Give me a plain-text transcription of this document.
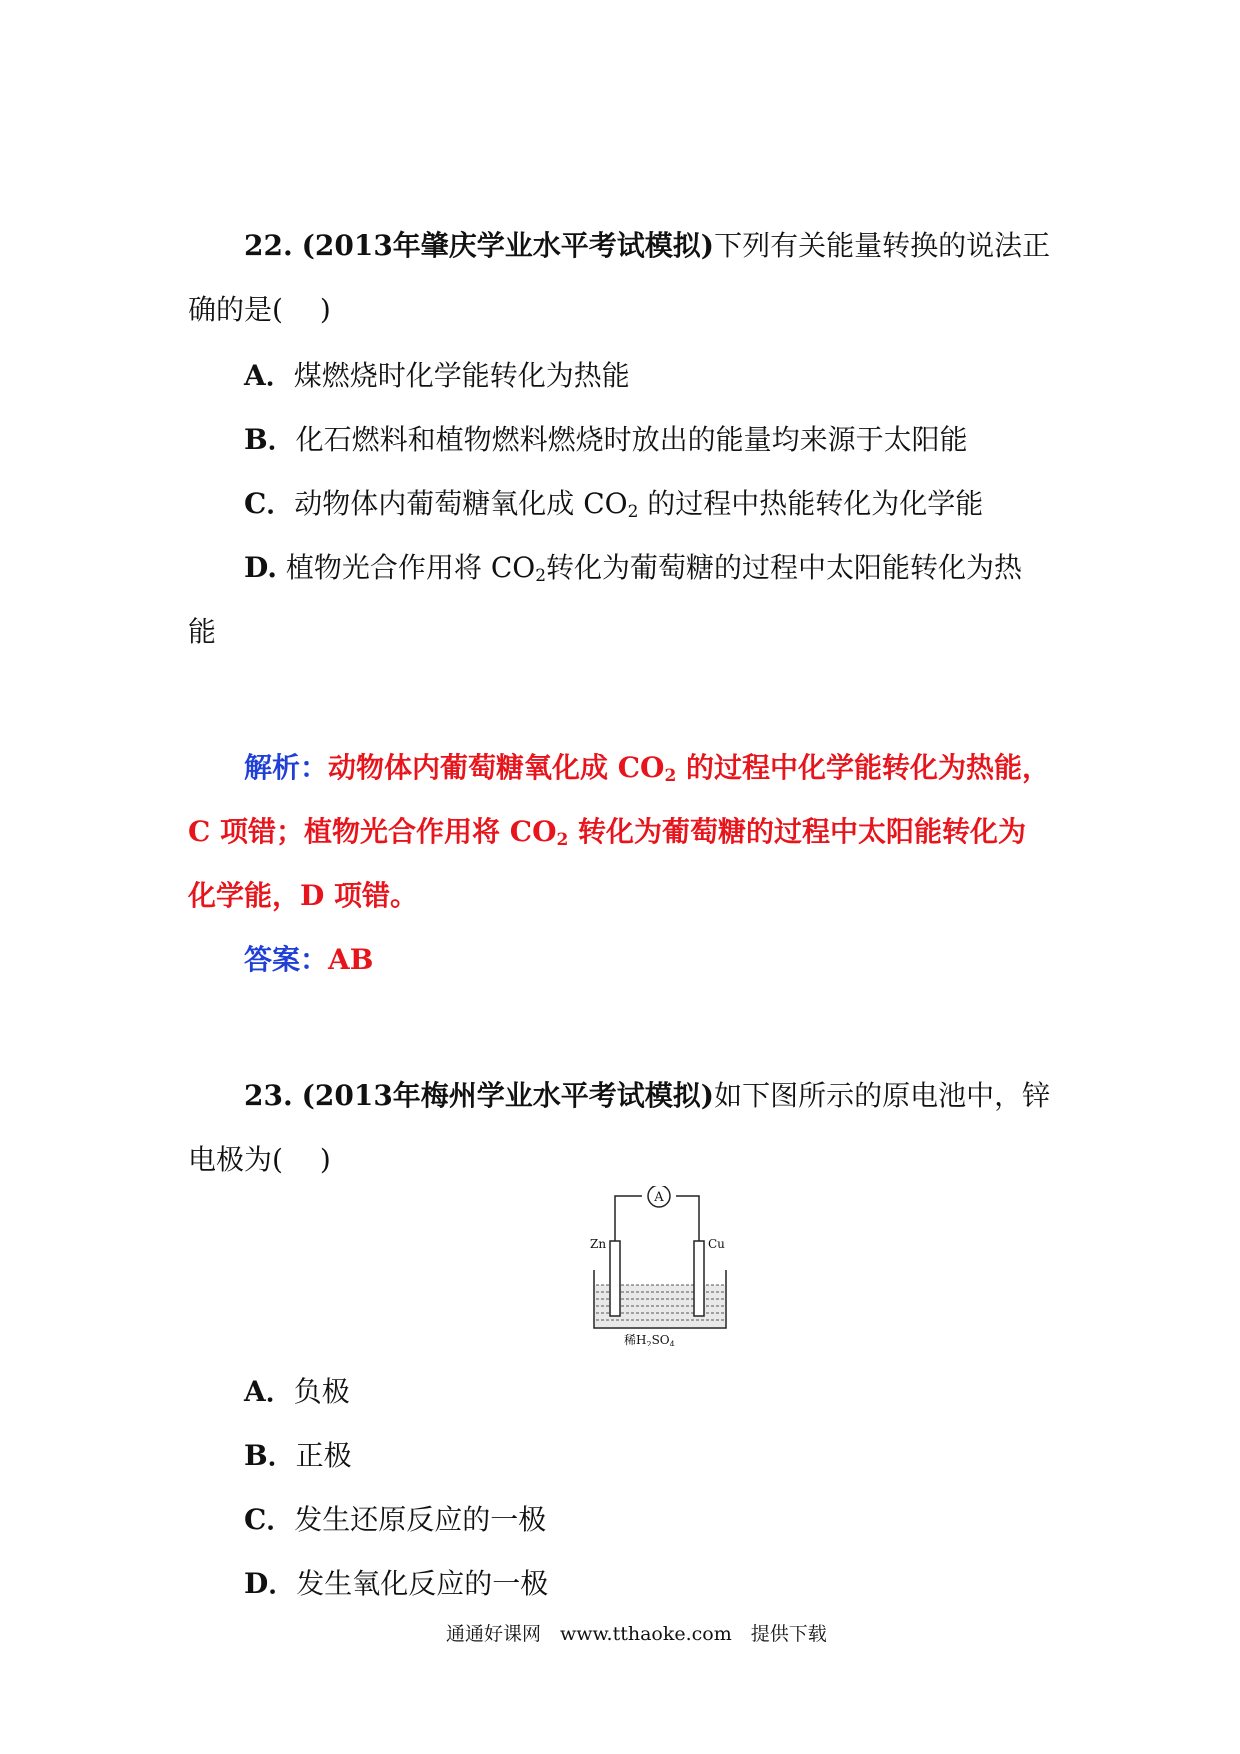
22. (2013年肇庆学业水平考试模拟)下列有关能量转换的说法正
确的是(　 )
A．煤燃烧时化学能转化为热能
B．化石燃料和植物燃料燃烧时放出的能量均来源于太阳能
C．动物体内葡萄糖氧化成 $CO_2$ 的过程中热能转化为化学能
D. 植物光合作用将 $CO_2$转化为葡萄糖的过程中太阳能转化为热
能
解析：动物体内葡萄糖氧化成 $CO_2$ 的过程中化学能转化为热能，
C 项错；植物光合作用将 $CO_2$ 转化为葡萄糖的过程中太阳能转化为
化学能，D 项错。
答案：AB
23. (2013年梅州学业水平考试模拟)如下图所示的原电池中，锌
电极为(　 )
A
Zn	Cu
稀$H_2SO_4$
A．负极
B．正极
C．发生还原反应的一极
D．发生氧化反应的一极
通通好课网　www.tthaoke.com　提供下载
